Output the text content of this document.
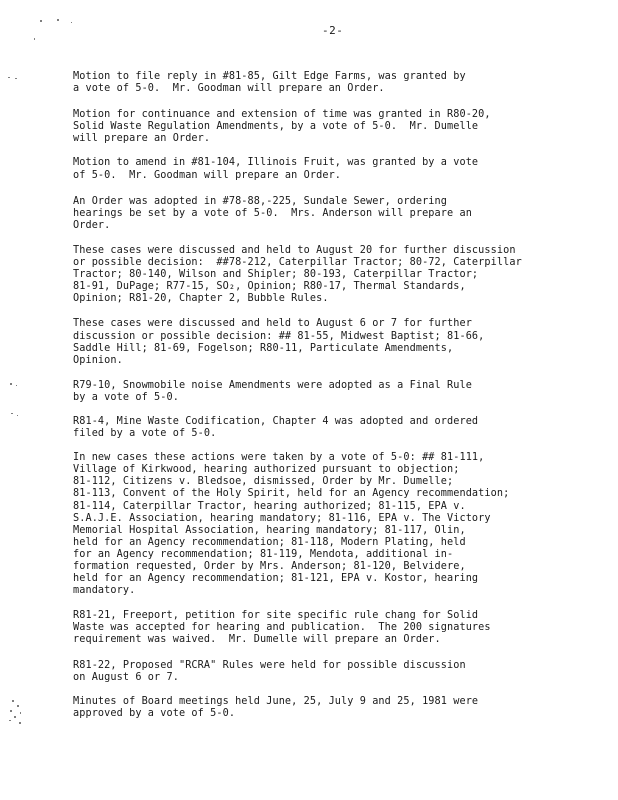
-2-

Motion to file reply in #81-85, Gilt Edge Farms, was granted by
a vote of 5-0.  Mr. Goodman will prepare an Order.

Motion for continuance and extension of time was granted in R80-20,
Solid Waste Regulation Amendments, by a vote of 5-0.  Mr. Dumelle
will prepare an Order.

Motion to amend in #81-104, Illinois Fruit, was granted by a vote
of 5-0.  Mr. Goodman will prepare an Order.

An Order was adopted in #78-88,-225, Sundale Sewer, ordering
hearings be set by a vote of 5-0.  Mrs. Anderson will prepare an
Order.

These cases were discussed and held to August 20 for further discussion
or possible decision:  ##78-212, Caterpillar Tractor; 80-72, Caterpillar
Tractor; 80-140, Wilson and Shipler; 80-193, Caterpillar Tractor;
81-91, DuPage; R77-15, SO₂, Opinion; R80-17, Thermal Standards,
Opinion; R81-20, Chapter 2, Bubble Rules.

These cases were discussed and held to August 6 or 7 for further
discussion or possible decision: ## 81-55, Midwest Baptist; 81-66,
Saddle Hill; 81-69, Fogelson; R80-11, Particulate Amendments,
Opinion.

R79-10, Snowmobile noise Amendments were adopted as a Final Rule
by a vote of 5-0.

R81-4, Mine Waste Codification, Chapter 4 was adopted and ordered
filed by a vote of 5-0.

In new cases these actions were taken by a vote of 5-0: ## 81-111,
Village of Kirkwood, hearing authorized pursuant to objection;
81-112, Citizens v. Bledsoe, dismissed, Order by Mr. Dumelle;
81-113, Convent of the Holy Spirit, held for an Agency recommendation;
81-114, Caterpillar Tractor, hearing authorized; 81-115, EPA v.
S.A.J.E. Association, hearing mandatory; 81-116, EPA v. The Victory
Memorial Hospital Association, hearing mandatory; 81-117, Olin,
held for an Agency recommendation; 81-118, Modern Plating, held
for an Agency recommendation; 81-119, Mendota, additional in-
formation requested, Order by Mrs. Anderson; 81-120, Belvidere,
held for an Agency recommendation; 81-121, EPA v. Kostor, hearing
mandatory.

R81-21, Freeport, petition for site specific rule chang for Solid
Waste was accepted for hearing and publication.  The 200 signatures
requirement was waived.  Mr. Dumelle will prepare an Order.

R81-22, Proposed "RCRA" Rules were held for possible discussion
on August 6 or 7.

Minutes of Board meetings held June, 25, July 9 and 25, 1981 were
approved by a vote of 5-0.
